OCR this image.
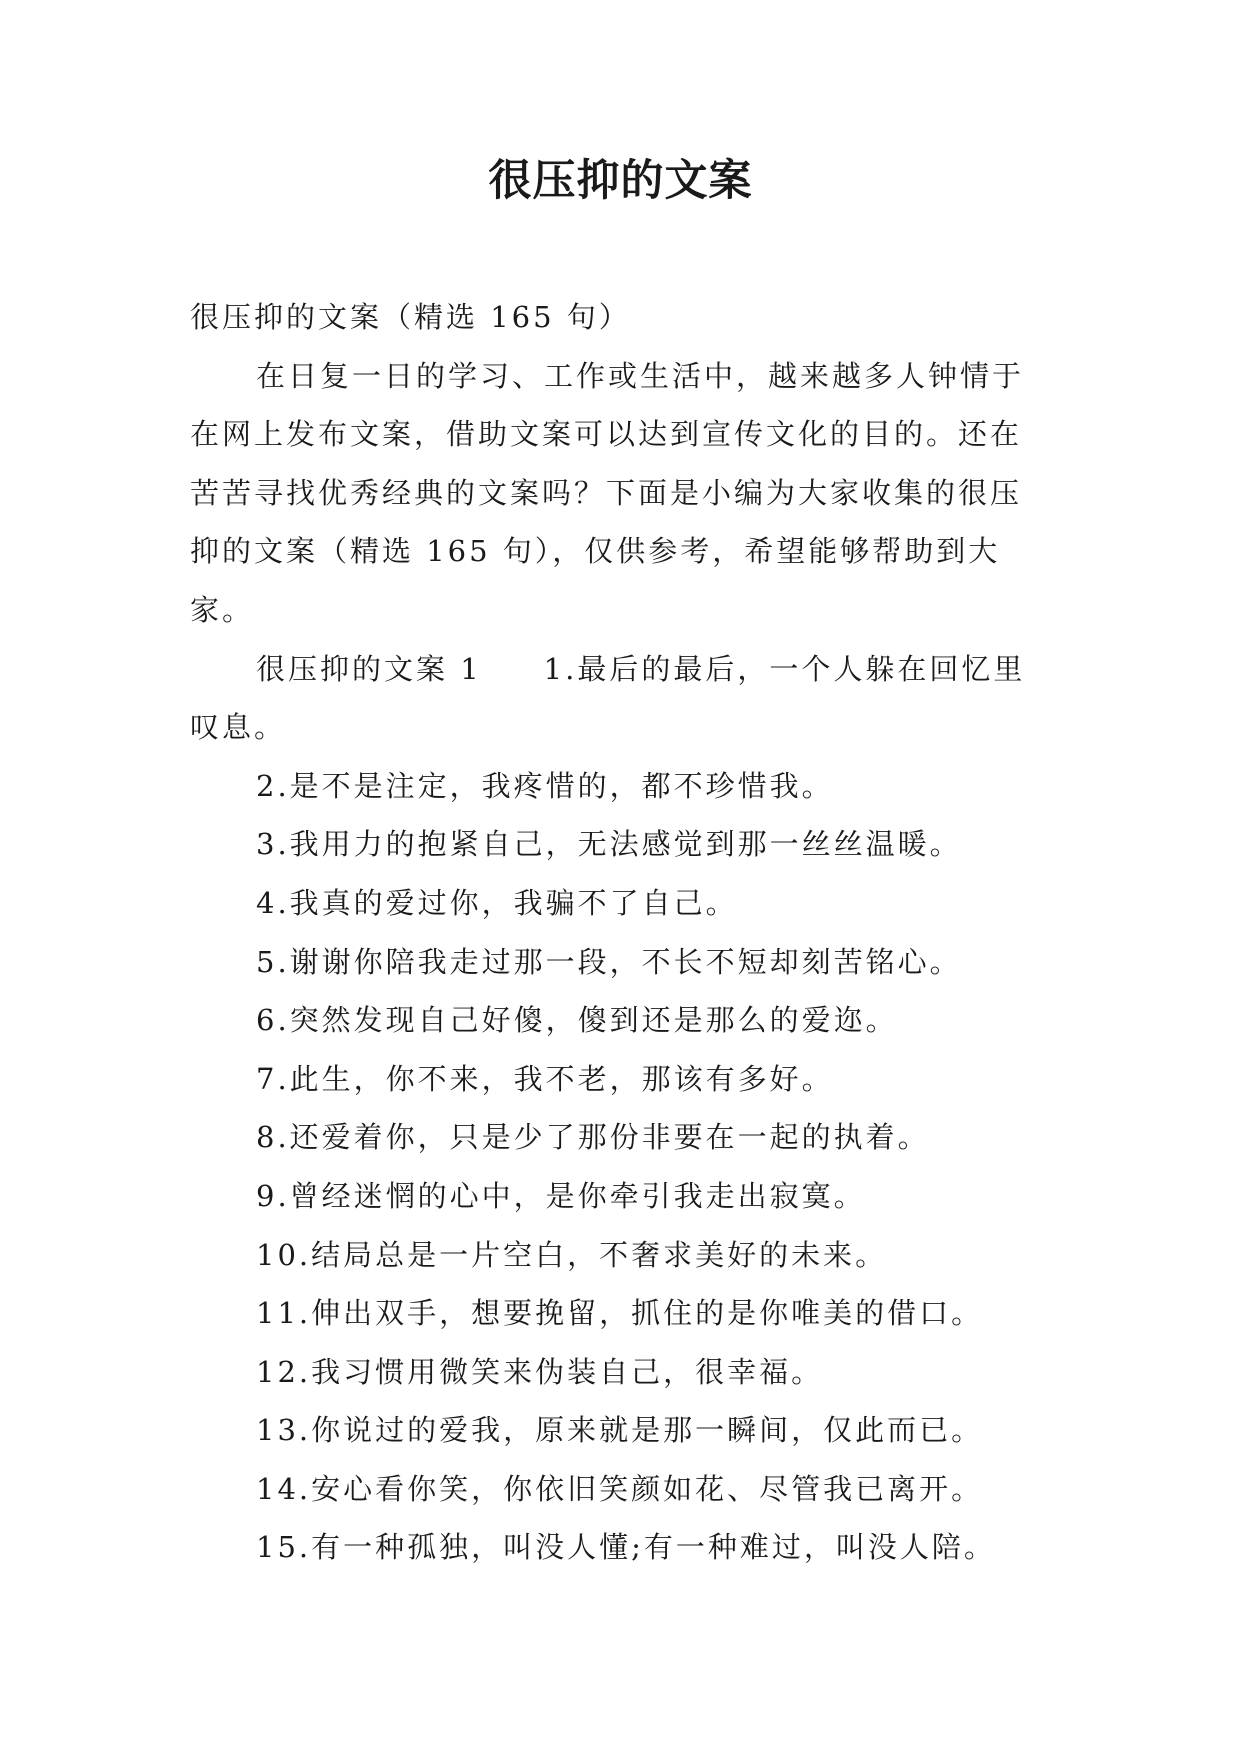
很压抑的文案

很压抑的文案（精选 165 句）

在日复一日的学习、工作或生活中，越来越多人钟情于在网上发布文案，借助文案可以达到宣传文化的目的。还在苦苦寻找优秀经典的文案吗？下面是小编为大家收集的很压抑的文案（精选 165 句），仅供参考，希望能够帮助到大家。

很压抑的文案 1 1.最后的最后，一个人躲在回忆里叹息。

2.是不是注定，我疼惜的，都不珍惜我。

3.我用力的抱紧自己，无法感觉到那一丝丝温暖。

4.我真的爱过你，我骗不了自己。

5.谢谢你陪我走过那一段，不长不短却刻苦铭心。

6.突然发现自己好傻，傻到还是那么的爱迩。

7.此生，你不来，我不老，那该有多好。

8.还爱着你，只是少了那份非要在一起的执着。

9.曾经迷惘的心中，是你牵引我走出寂寞。

10.结局总是一片空白，不奢求美好的未来。

11.伸出双手，想要挽留，抓住的是你唯美的借口。

12.我习惯用微笑来伪装自己，很幸福。

13.你说过的爱我，原来就是那一瞬间，仅此而已。

14.安心看你笑，你依旧笑颜如花、尽管我已离开。

15.有一种孤独，叫没人懂;有一种难过，叫没人陪。
